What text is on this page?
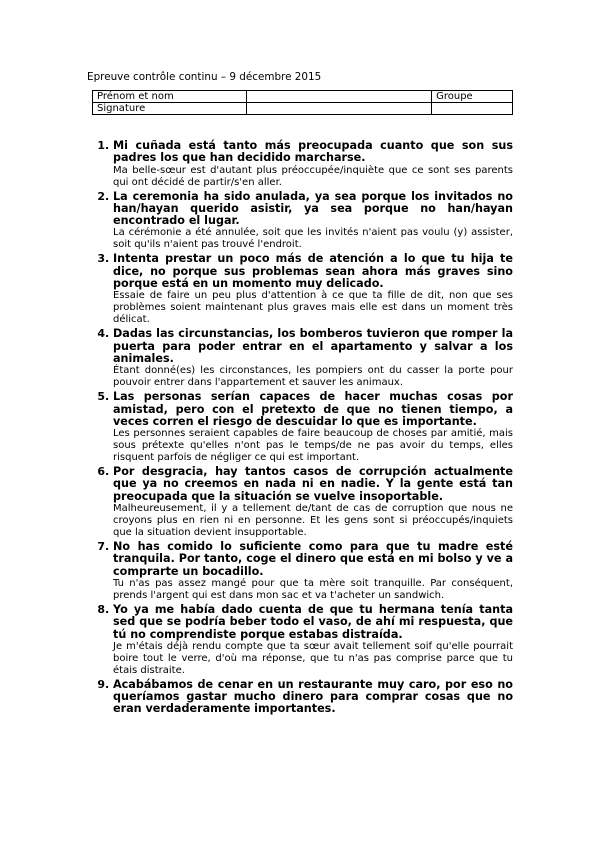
Epreuve contrôle continu – 9 décembre 2015
Prénom et nom		Groupe
Signature		
1. Mi cuñada está tanto más preocupada cuanto que son sus padres los que han decidido marcharse.
Ma belle-sœur est d'autant plus préoccupée/inquiète que ce sont ses parents qui ont décidé de partir/s'en aller.
2. La ceremonia ha sido anulada, ya sea porque los invitados no han/hayan querido asistir, ya sea porque no han/hayan encontrado el lugar.
La cérémonie a été annulée, soit que les invités n'aient pas voulu (y) assister, soit qu'ils n'aient pas trouvé l'endroit.
3. Intenta prestar un poco más de atención a lo que tu hija te dice, no porque sus problemas sean ahora más graves sino porque está en un momento muy delicado.
Essaie de faire un peu plus d'attention à ce que ta fille de dit, non que ses problèmes soient maintenant plus graves mais elle est dans un moment très délicat.
4. Dadas las circunstancias, los bomberos tuvieron que romper la puerta para poder entrar en el apartamento y salvar a los animales.
Étant donné(es) les circonstances, les pompiers ont du casser la porte pour pouvoir entrer dans l'appartement et sauver les animaux.
5. Las personas serían capaces de hacer muchas cosas por amistad, pero con el pretexto de que no tienen tiempo, a veces corren el riesgo de descuidar lo que es importante.
Les personnes seraient capables de faire beaucoup de choses par amitié, mais sous prétexte qu'elles n'ont pas le temps/de ne pas avoir du temps, elles risquent parfois de négliger ce qui est important.
6. Por desgracia, hay tantos casos de corrupción actualmente que ya no creemos en nada ni en nadie. Y la gente está tan preocupada que la situación se vuelve insoportable.
Malheureusement, il y a tellement de/tant de cas de corruption que nous ne croyons plus en rien ni en personne. Et les gens sont si préoccupés/inquiets que la situation devient insupportable.
7. No has comido lo suficiente como para que tu madre esté tranquila. Por tanto, coge el dinero que está en mi bolso y ve a comprarte un bocadillo.
Tu n'as pas assez mangé pour que ta mère soit tranquille. Par conséquent, prends l'argent qui est dans mon sac et va t'acheter un sandwich.
8. Yo ya me había dado cuenta de que tu hermana tenía tanta sed que se podría beber todo el vaso, de ahí mi respuesta, que tú no comprendiste porque estabas distraída.
Je m'étais déjà rendu compte que ta sœur avait tellement soif qu'elle pourrait boire tout le verre, d'où ma réponse, que tu n'as pas comprise parce que tu étais distraite.
9. Acabábamos de cenar en un restaurante muy caro, por eso no queríamos gastar mucho dinero para comprar cosas que no eran verdaderamente importantes.
